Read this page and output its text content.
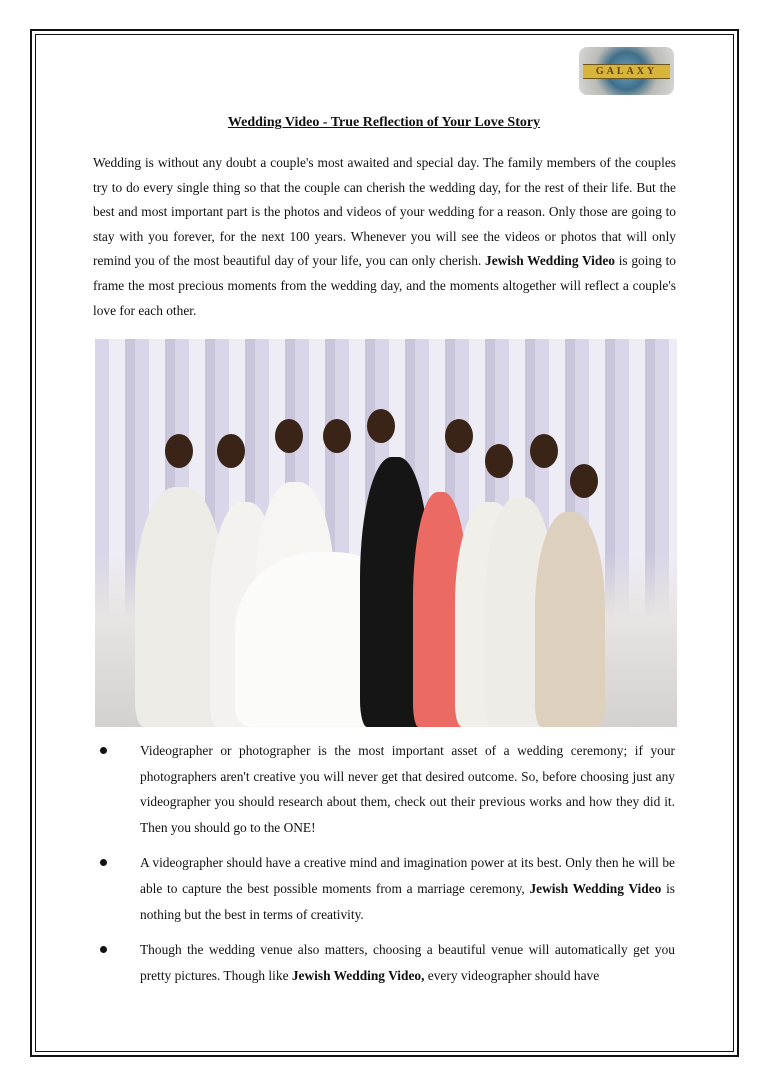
GALAXY
Wedding Video - True Reflection of Your Love Story
Wedding is without any doubt a couple's most awaited and special day. The family members of the couples try to do every single thing so that the couple can cherish the wedding day, for the rest of their life. But the best and most important part is the photos and videos of your wedding for a reason. Only those are going to stay with you forever, for the next 100 years. Whenever you will see the videos or photos that will only remind you of the most beautiful day of your life, you can only cherish. Jewish Wedding Video is going to frame the most precious moments from the wedding day, and the moments altogether will reflect a couple's love for each other.
Videographer or photographer is the most important asset of a wedding ceremony; if your photographers aren't creative you will never get that desired outcome. So, before choosing just any videographer you should research about them, check out their previous works and how they did it. Then you should go to the ONE!
A videographer should have a creative mind and imagination power at its best. Only then he will be able to capture the best possible moments from a marriage ceremony, Jewish Wedding Video is nothing but the best in terms of creativity.
Though the wedding venue also matters, choosing a beautiful venue will automatically get you pretty pictures. Though like Jewish Wedding Video, every videographer should have
